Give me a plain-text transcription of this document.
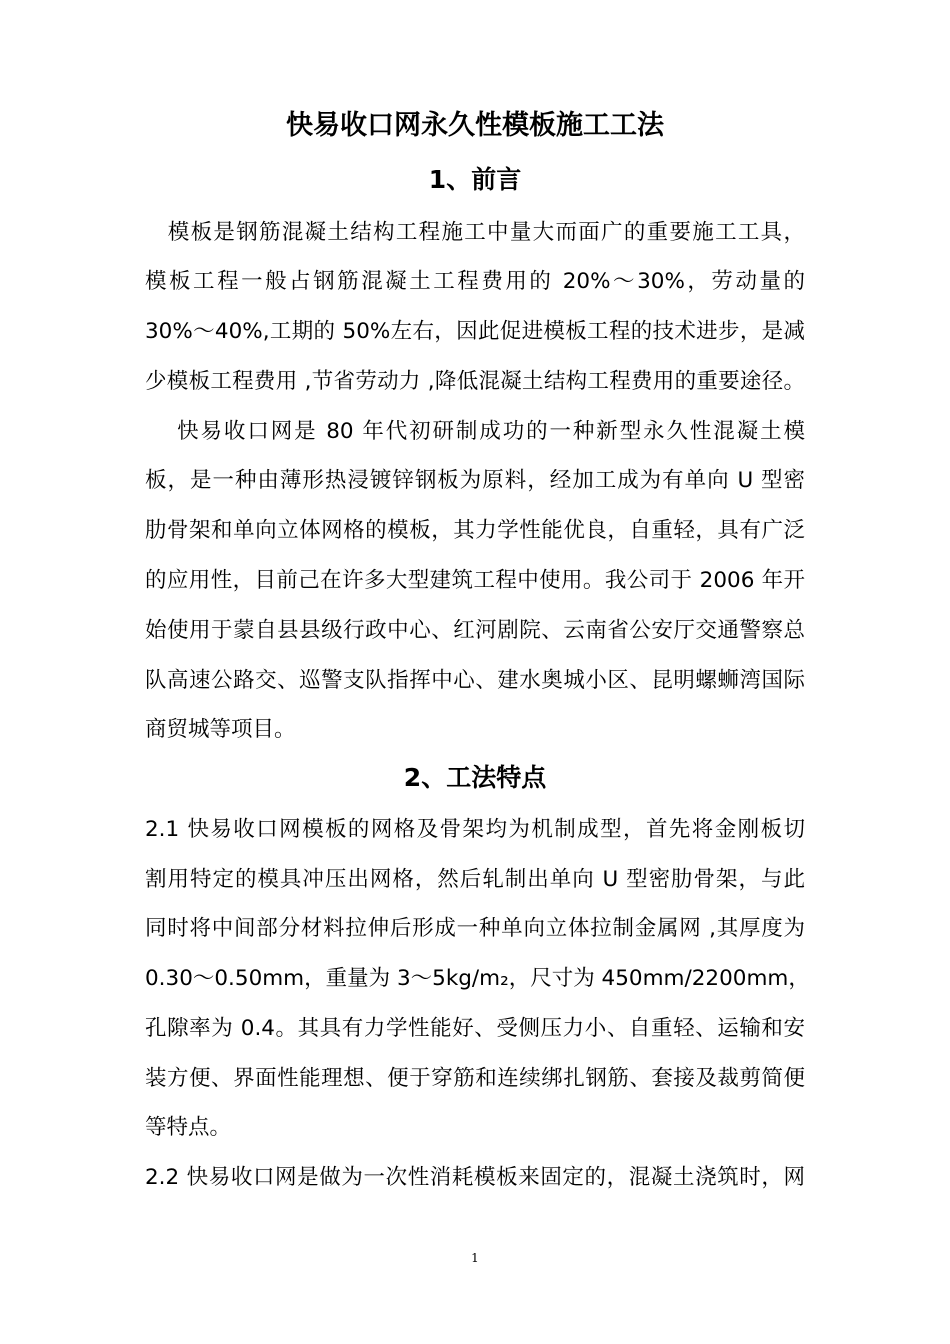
快易收口网永久性模板施工工法
1、前言

　模板是钢筋混凝土结构工程施工中量大而面广的重要施工工具，

模板工程一般占钢筋混凝土工程费用的 20%～30%，劳动量的

30%～40%,工期的 50%左右，因此促进模板工程的技术进步，是减

少模板工程费用 ,节省劳动力 ,降低混凝土结构工程费用的重要途径。

　 快易收口网是 80 年代初研制成功的一种新型永久性混凝土模

板，是一种由薄形热浸镀锌钢板为原料，经加工成为有单向 U 型密

肋骨架和单向立体网格的模板，其力学性能优良，自重轻，具有广泛

的应用性，目前己在许多大型建筑工程中使用。我公司于 2006 年开

始使用于蒙自县县级行政中心、红河剧院、云南省公安厅交通警察总

队高速公路交、巡警支队指挥中心、建水奥城小区、昆明螺蛳湾国际

商贸城等项目。

2、工法特点

2.1 快易收口网模板的网格及骨架均为机制成型，首先将金刚板切

割用特定的模具冲压出网格，然后轧制出单向 U 型密肋骨架，与此

同时将中间部分材料拉伸后形成一种单向立体拉制金属网 ,其厚度为

0.30～0.50mm，重量为 3～5kg/m₂，尺寸为 450mm/2200mm，

孔隙率为 0.4。其具有力学性能好、受侧压力小、自重轻、运输和安

装方便、界面性能理想、便于穿筋和连续绑扎钢筋、套接及裁剪简便

等特点。

2.2 快易收口网是做为一次性消耗模板来固定的，混凝土浇筑时，网

1
